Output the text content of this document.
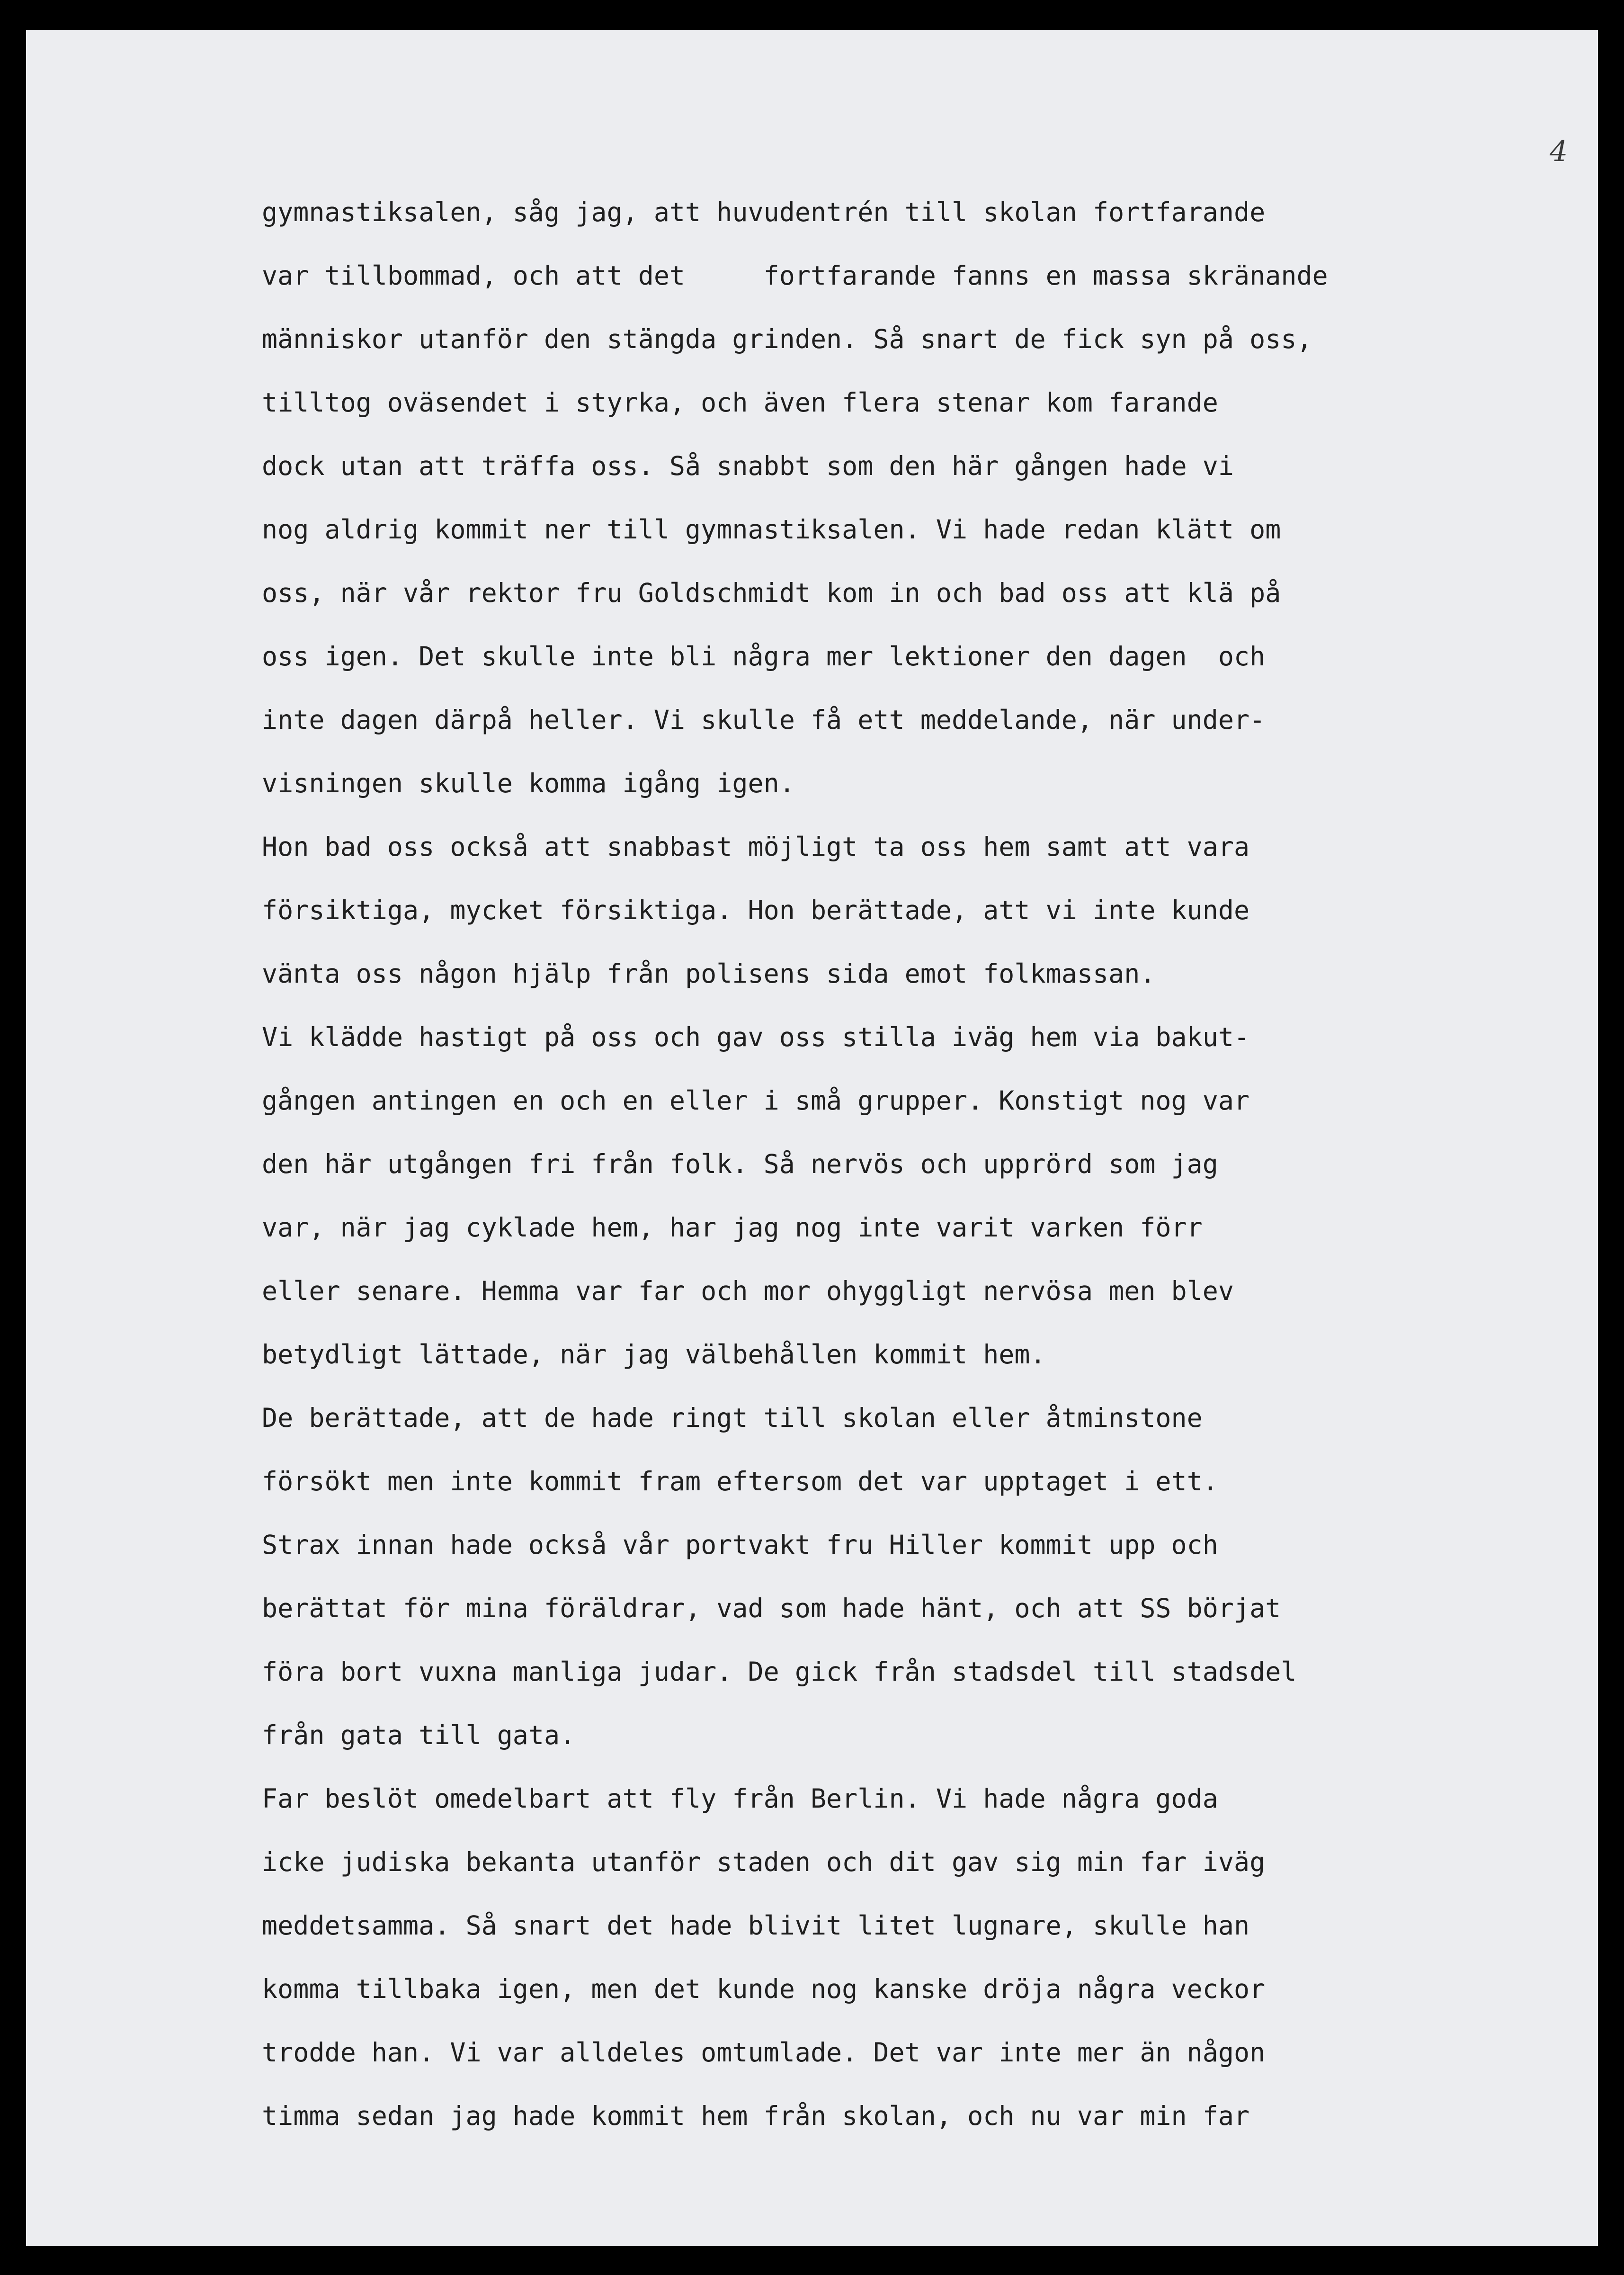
4
gymnastiksalen, såg jag, att huvudentrén till skolan fortfarande
var tillbommad, och att det     fortfarande fanns en massa skränande
människor utanför den stängda grinden. Så snart de fick syn på oss,
tilltog oväsendet i styrka, och även flera stenar kom farande
dock utan att träffa oss. Så snabbt som den här gången hade vi
nog aldrig kommit ner till gymnastiksalen. Vi hade redan klätt om
oss, när vår rektor fru Goldschmidt kom in och bad oss att klä på
oss igen. Det skulle inte bli några mer lektioner den dagen  och
inte dagen därpå heller. Vi skulle få ett meddelande, när under-
visningen skulle komma igång igen.
Hon bad oss också att snabbast möjligt ta oss hem samt att vara
försiktiga, mycket försiktiga. Hon berättade, att vi inte kunde
vänta oss någon hjälp från polisens sida emot folkmassan.
Vi klädde hastigt på oss och gav oss stilla iväg hem via bakut-
gången antingen en och en eller i små grupper. Konstigt nog var
den här utgången fri från folk. Så nervös och upprörd som jag
var, när jag cyklade hem, har jag nog inte varit varken förr
eller senare. Hemma var far och mor ohyggligt nervösa men blev
betydligt lättade, när jag välbehållen kommit hem.
De berättade, att de hade ringt till skolan eller åtminstone
försökt men inte kommit fram eftersom det var upptaget i ett.
Strax innan hade också vår portvakt fru Hiller kommit upp och
berättat för mina föräldrar, vad som hade hänt, och att SS börjat
föra bort vuxna manliga judar. De gick från stadsdel till stadsdel
från gata till gata.
Far beslöt omedelbart att fly från Berlin. Vi hade några goda
icke judiska bekanta utanför staden och dit gav sig min far iväg
meddetsamma. Så snart det hade blivit litet lugnare, skulle han
komma tillbaka igen, men det kunde nog kanske dröja några veckor
trodde han. Vi var alldeles omtumlade. Det var inte mer än någon
timma sedan jag hade kommit hem från skolan, och nu var min far
